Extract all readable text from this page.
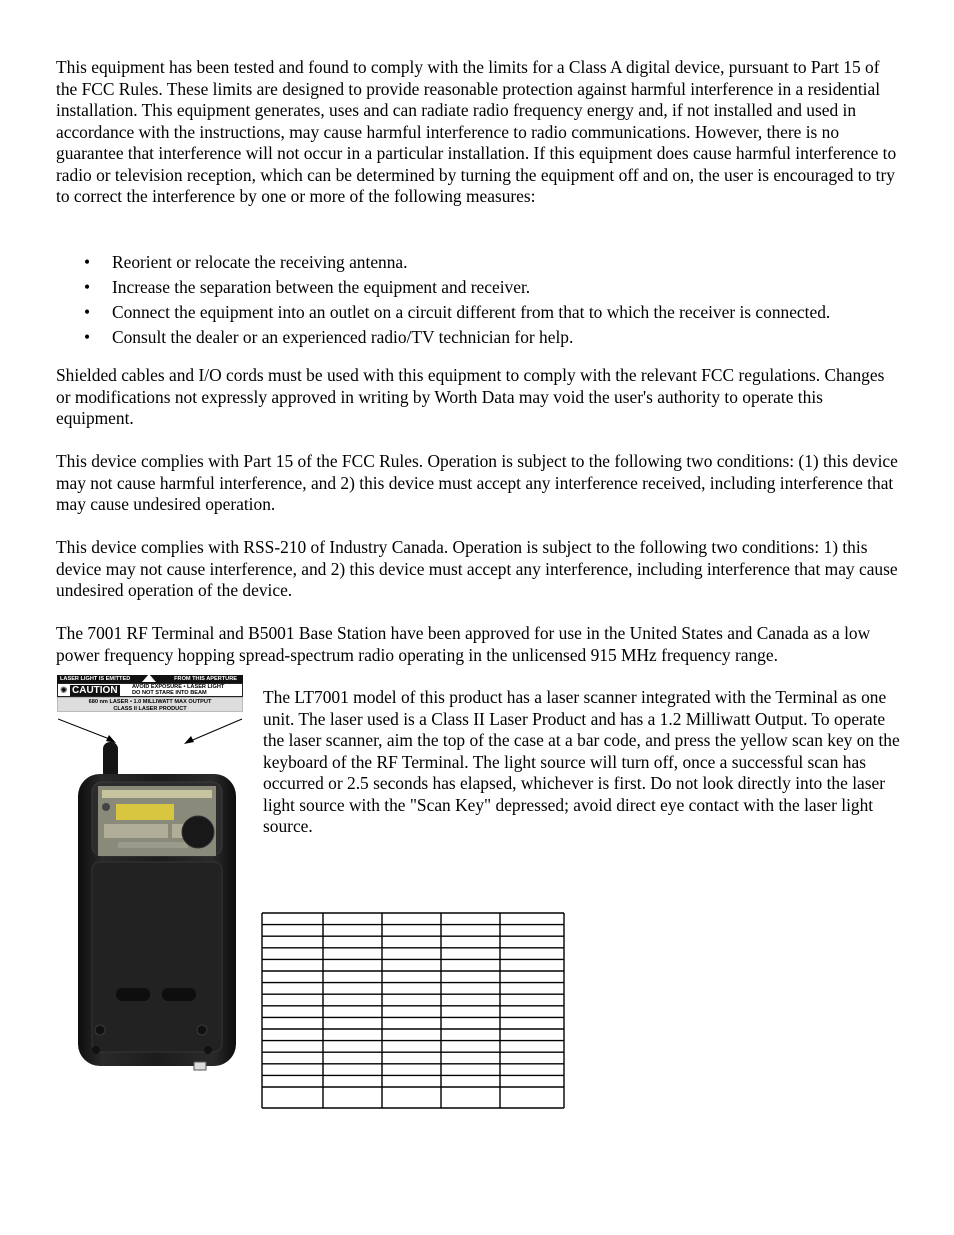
This equipment has been tested and found to comply with the limits for a Class A digital device, pursuant to Part 15 of the FCC Rules. These limits are designed to provide reasonable protection against harmful interference in a residential installation. This equipment generates, uses and can radiate radio frequency energy and, if not installed and used in accordance with the instructions, may cause harmful interference to radio communications. However, there is no guarantee that interference will not occur in a particular installation. If this equipment does cause harmful interference to radio or television reception, which can be determined by turning the equipment off and on, the user is encouraged to try to correct the interference by one or more of the following measures:

• Reorient or relocate the receiving antenna.
• Increase the separation between the equipment and receiver.
• Connect the equipment into an outlet on a circuit different from that to which the receiver is connected.
• Consult the dealer or an experienced radio/TV technician for help.

Shielded cables and I/O cords must be used with this equipment to comply with the relevant FCC regulations. Changes or modifications not expressly approved in writing by Worth Data may void the user's authority to operate this equipment.

This device complies with Part 15 of the FCC Rules. Operation is subject to the following two conditions: (1) this device may not cause harmful interference, and 2) this device must accept any interference received, including interference that may cause undesired operation.

This device complies with RSS-210 of Industry Canada. Operation is subject to the following two conditions: 1) this device may not cause interference, and 2) this device must accept any interference, including interference that may cause undesired operation of the device.

The 7001 RF Terminal and B5001 Base Station have been approved for use in the United States and Canada as a low power frequency hopping spread-spectrum radio operating in the unlicensed 915 MHz frequency range.

LASER LIGHT IS EMITTED	FROM THIS APERTURE
✺ CAUTION	AVOID EXPOSURE • LASER LIGHT
DO NOT STARE INTO BEAM
680 nm LASER • 1.0 MILLIWATT MAX OUTPUT
CLASS II LASER PRODUCT

The LT7001 model of this product has a laser scanner integrated with the Terminal as one unit. The laser used is a Class II Laser Product and has a 1.2 Milliwatt Output. To operate the laser scanner, aim the top of the case at a bar code, and press the yellow scan key on the keyboard of the RF Terminal. The light source will turn off, once a successful scan has occurred or 2.5 seconds has elapsed, whichever is first. Do not look directly into the laser light source with the "Scan Key" depressed; avoid direct eye contact with the laser light source.
